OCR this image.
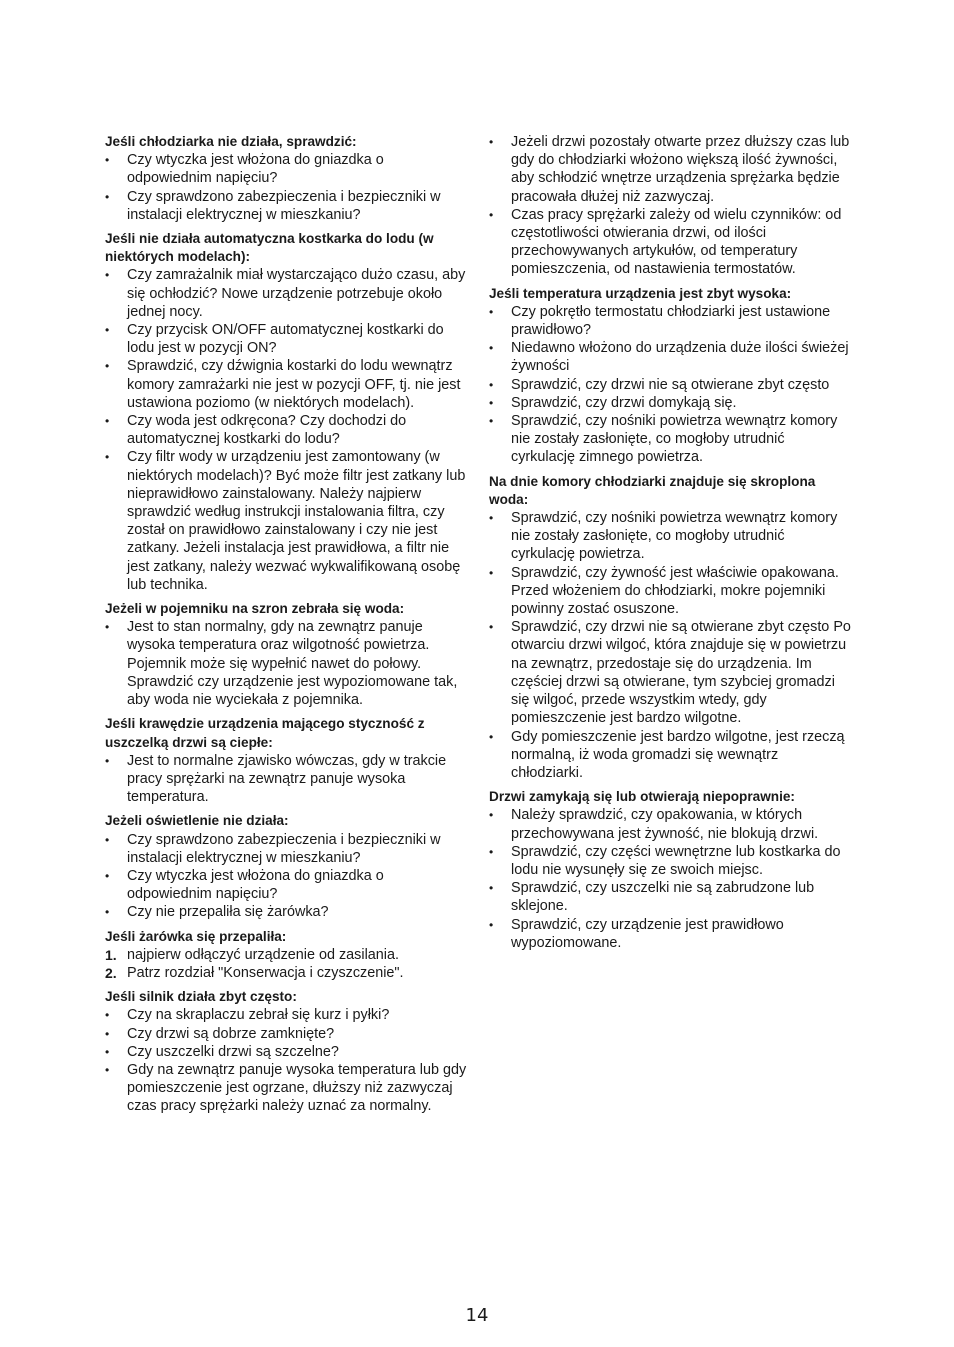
Jeśli chłodziarka nie działa, sprawdzić:

•	Czy wtyczka jest włożona do gniazdka o odpowiednim napięciu?
•	Czy sprawdzono zabezpieczenia i bezpieczniki w instalacji elektrycznej w mieszkaniu?

Jeśli nie działa automatyczna kostkarka do lodu (w niektórych modelach):

•	Czy zamrażalnik miał wystarczająco dużo czasu, aby się ochłodzić? Nowe urządzenie potrzebuje około jednej nocy.
•	Czy przycisk ON/OFF automatycznej kostkarki do lodu jest w pozycji ON?
•	Sprawdzić, czy dźwignia kostarki do lodu wewnątrz komory zamrażarki nie jest w pozycji OFF, tj. nie jest ustawiona poziomo (w niektórych modelach).
•	Czy woda jest odkręcona? Czy dochodzi do automatycznej kostkarki do lodu?
•	Czy filtr wody w urządzeniu jest zamontowany (w niektórych modelach)? Być może filtr jest zatkany lub nieprawidłowo zainstalowany. Należy najpierw sprawdzić według instrukcji instalowania filtra, czy został on prawidłowo zainstalowany i czy nie jest zatkany. Jeżeli instalacja jest prawidłowa, a filtr nie jest zatkany, należy wezwać wykwalifikowaną osobę lub technika.

Jeżeli w pojemniku na szron zebrała się woda:

•	Jest to stan normalny, gdy na zewnątrz panuje wysoka temperatura oraz wilgotność powietrza. Pojemnik może się wypełnić nawet do połowy. Sprawdzić czy urządzenie jest wypoziomowane tak, aby woda nie wyciekała z pojemnika.

Jeśli krawędzie urządzenia mającego styczność z uszczelką drzwi są ciepłe:

•	Jest to normalne zjawisko wówczas, gdy w trakcie pracy sprężarki na zewnątrz panuje wysoka temperatura.

Jeżeli oświetlenie nie działa:

•	Czy sprawdzono zabezpieczenia i bezpieczniki w instalacji elektrycznej w mieszkaniu?
•	Czy wtyczka jest włożona do gniazdka o odpowiednim napięciu?
•	Czy nie przepaliła się żarówka?

Jeśli żarówka się przepaliła:

1. najpierw odłączyć urządzenie od zasilania.
2. Patrz rozdział "Konserwacja i czyszczenie".

Jeśli silnik działa zbyt często:

•	Czy na skraplaczu zebrał się kurz i pyłki?
•	Czy drzwi są dobrze zamknięte?
•	Czy uszczelki drzwi są szczelne?
•	Gdy na zewnątrz panuje wysoka temperatura lub gdy pomieszczenie jest ogrzane, dłuższy niż zazwyczaj czas pracy sprężarki należy uznać za normalny.
•	Jeżeli drzwi pozostały otwarte przez dłuższy czas lub gdy do chłodziarki włożono większą ilość żywności, aby schłodzić wnętrze urządzenia sprężarka będzie pracowała dłużej niż zazwyczaj.
•	Czas pracy sprężarki zależy od wielu czynników: od częstotliwości otwierania drzwi, od ilości przechowywanych artykułów, od temperatury pomieszczenia, od nastawienia termostatów.

Jeśli temperatura urządzenia jest zbyt wysoka:

•	Czy pokrętło termostatu chłodziarki jest ustawione prawidłowo?
•	Niedawno włożono do urządzenia duże ilości świeżej żywności
•	Sprawdzić, czy drzwi nie są otwierane zbyt często
•	Sprawdzić, czy drzwi domykają się.
•	Sprawdzić, czy nośniki powietrza wewnątrz komory nie zostały zasłonięte, co mogłoby utrudnić cyrkulację zimnego powietrza.

Na dnie komory chłodziarki znajduje się skroplona woda:

•	Sprawdzić, czy nośniki powietrza wewnątrz komory nie zostały zasłonięte, co mogłoby utrudnić cyrkulację powietrza.
•	Sprawdzić, czy żywność jest właściwie opakowana. Przed włożeniem do chłodziarki, mokre pojemniki powinny zostać osuszone.
•	Sprawdzić, czy drzwi nie są otwierane zbyt często Po otwarciu drzwi wilgoć, która znajduje się w powietrzu na zewnątrz, przedostaje się do urządzenia. Im częściej drzwi są otwierane, tym szybciej gromadzi się wilgoć, przede wszystkim wtedy, gdy pomieszczenie jest bardzo wilgotne.
•	Gdy pomieszczenie jest bardzo wilgotne, jest rzeczą normalną, iż woda gromadzi się wewnątrz chłodziarki.

Drzwi zamykają się lub otwierają niepoprawnie:

•	Należy sprawdzić, czy opakowania, w których przechowywana jest żywność, nie blokują drzwi.
•	Sprawdzić, czy części wewnętrzne lub kostkarka do lodu nie wysunęły się ze swoich miejsc.
•	Sprawdzić, czy uszczelki nie są zabrudzone lub sklejone.
•	Sprawdzić, czy urządzenie jest prawidłowo wypoziomowane.
14
